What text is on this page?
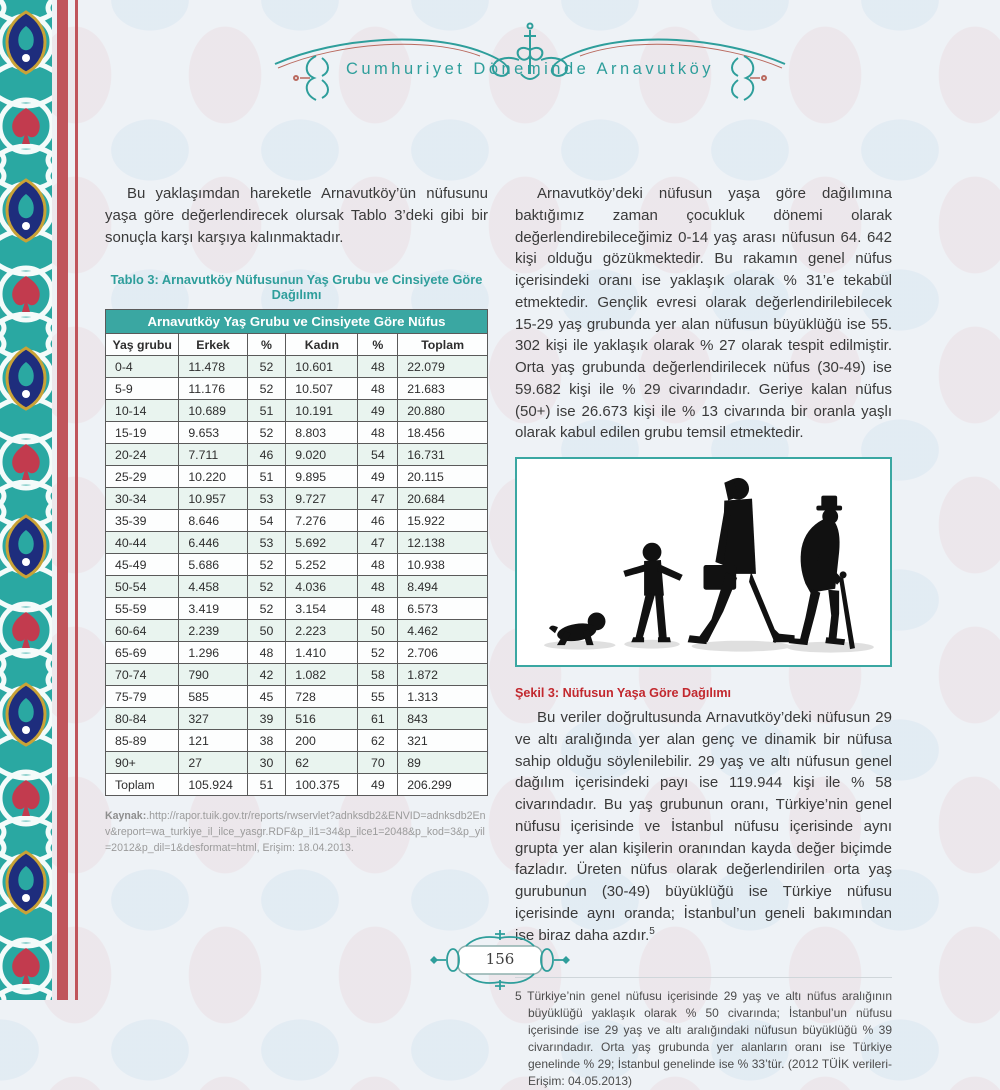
Cumhuriyet Döneminde Arnavutköy

Bu yaklaşımdan hareketle Arnavutköy’ün nüfusunu yaşa göre değerlendirecek olursak Tablo 3’deki gibi bir sonuçla karşı karşıya kalınmaktadır.

Tablo 3: Arnavutköy Nüfusunun Yaş Grubu ve Cinsiyete Göre Dağılımı
Arnavutköy Yaş Grubu ve Cinsiyete Göre Nüfus					
Yaş grubu	Erkek	%	Kadın	%	Toplam
0-4	11.478	52	10.601	48	22.079
5-9	11.176	52	10.507	48	21.683
10-14	10.689	51	10.191	49	20.880
15-19	9.653	52	8.803	48	18.456
20-24	7.711	46	9.020	54	16.731
25-29	10.220	51	9.895	49	20.115
30-34	10.957	53	9.727	47	20.684
35-39	8.646	54	7.276	46	15.922
40-44	6.446	53	5.692	47	12.138
45-49	5.686	52	5.252	48	10.938
50-54	4.458	52	4.036	48	8.494
55-59	3.419	52	3.154	48	6.573
60-64	2.239	50	2.223	50	4.462
65-69	1.296	48	1.410	52	2.706
70-74	790	42	1.082	58	1.872
75-79	585	45	728	55	1.313
80-84	327	39	516	61	843
85-89	121	38	200	62	321
90+	27	30	62	70	89
Toplam	105.924	51	100.375	49	206.299

Kaynak:.http://rapor.tuik.gov.tr/reports/rwservlet?adnksdb2&ENVID=adnksdb2Env&report=wa_turkiye_il_ilce_yasgr.RDF&p_il1=34&p_ilce1=2048&p_kod=3&p_yil=2012&p_dil=1&desformat=html, Erişim: 18.04.2013.

Arnavutköy’deki nüfusun yaşa göre dağılımına baktığımız zaman çocukluk dönemi olarak değerlendirebileceğimiz 0-14 yaş arası nüfusun 64. 642 kişi olduğu gözükmektedir. Bu rakamın genel nüfus içerisindeki oranı ise yaklaşık olarak % 31’e tekabül etmektedir. Gençlik evresi olarak değerlendirilebilecek 15-29 yaş grubunda yer alan nüfusun büyüklüğü ise 55. 302 kişi ile yaklaşık olarak % 27 olarak tespit edilmiştir. Orta yaş grubunda değerlendirilecek nüfus (30-49) ise 59.682 kişi ile % 29 civarındadır. Geriye kalan nüfus (50+) ise 26.673 kişi ile % 13 civarında bir oranla yaşlı olarak kabul edilen grubu temsil etmektedir.

Şekil 3: Nüfusun Yaşa Göre Dağılımı

Bu veriler doğrultusunda Arnavutköy’deki nüfusun 29 ve altı aralığında yer alan genç ve dinamik bir nüfusa sahip olduğu söylenilebilir. 29 yaş ve altı nüfusun genel dağılım içerisindeki payı ise 119.944 kişi ile % 58 civarındadır. Bu yaş grubunun oranı, Türkiye’nin genel nüfusu içerisinde ve İstanbul nüfusu içerisinde aynı grupta yer alan kişilerin oranından kayda değer biçimde fazladır. Üreten nüfus olarak değerlendirilen orta yaş gurubunun (30-49) büyüklüğü ise Türkiye nüfusu içerisinde aynı oranda; İstanbul’un geneli bakımından ise biraz daha azdır.$^5$

5 Türkiye’nin genel nüfusu içerisinde 29 yaş ve altı nüfus aralığının büyüklüğü yaklaşık olarak % 50 civarında; İstanbul’un nüfusu içerisinde ise 29 yaş ve altı aralığındaki nüfusun büyüklüğü % 39 civarındadır. Orta yaş grubunda yer alanların oranı ise Türkiye genelinde % 29; İstanbul genelinde ise % 33’tür. (2012 TÜİK verileri- Erişim: 04.05.2013)

156
